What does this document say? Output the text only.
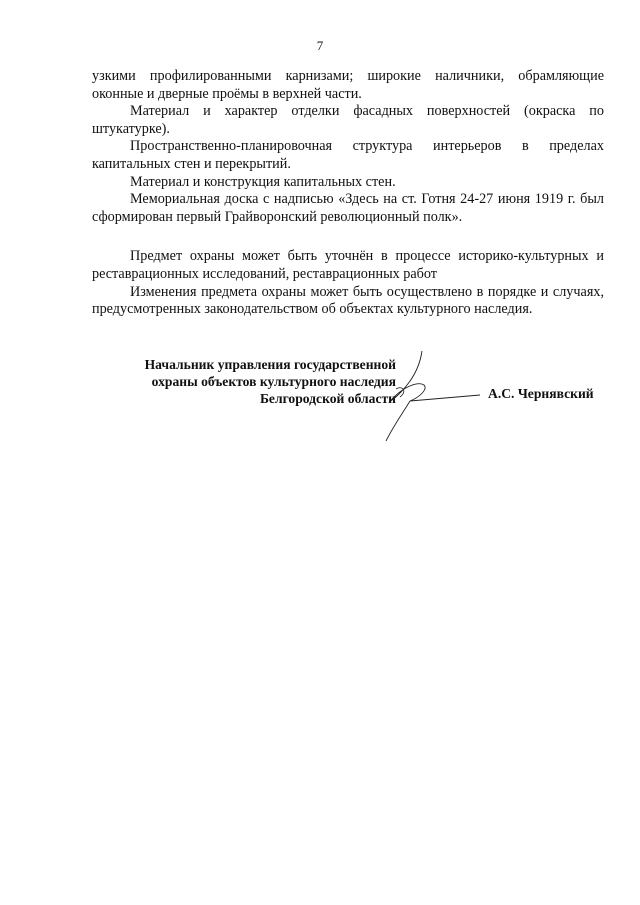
7

узкими профилированными карнизами; широкие наличники, обрамляющие оконные и дверные проёмы в верхней части.

Материал и характер отделки фасадных поверхностей (окраска по штукатурке).

Пространственно-планировочная структура интерьеров в пределах капитальных стен и перекрытий.

Материал и конструкция капитальных стен.

Мемориальная доска с надписью «Здесь на ст. Готня 24-27 июня 1919 г. был сформирован первый Грайворонский революционный полк».

Предмет охраны может быть уточнён в процессе историко-культурных и реставрационных исследований, реставрационных работ

Изменения предмета охраны может быть осуществлено в порядке и случаях, предусмотренных законодательством об объектах культурного наследия.

Начальник управления государственной
охраны объектов культурного наследия
Белгородской области	А.С. Чернявский
